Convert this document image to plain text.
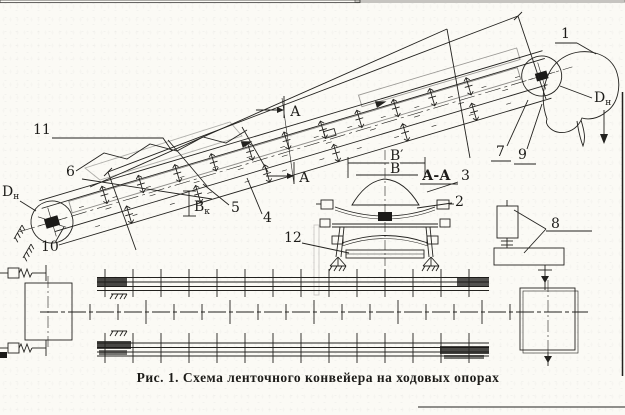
А
А
$В_к$
1
7 9
11
6
10
5
4
12
$D_н$
$D_н$
А-А
В′
В	3
2
8
Рис. 1. Схема ленточного конвейера на ходовых опорах
